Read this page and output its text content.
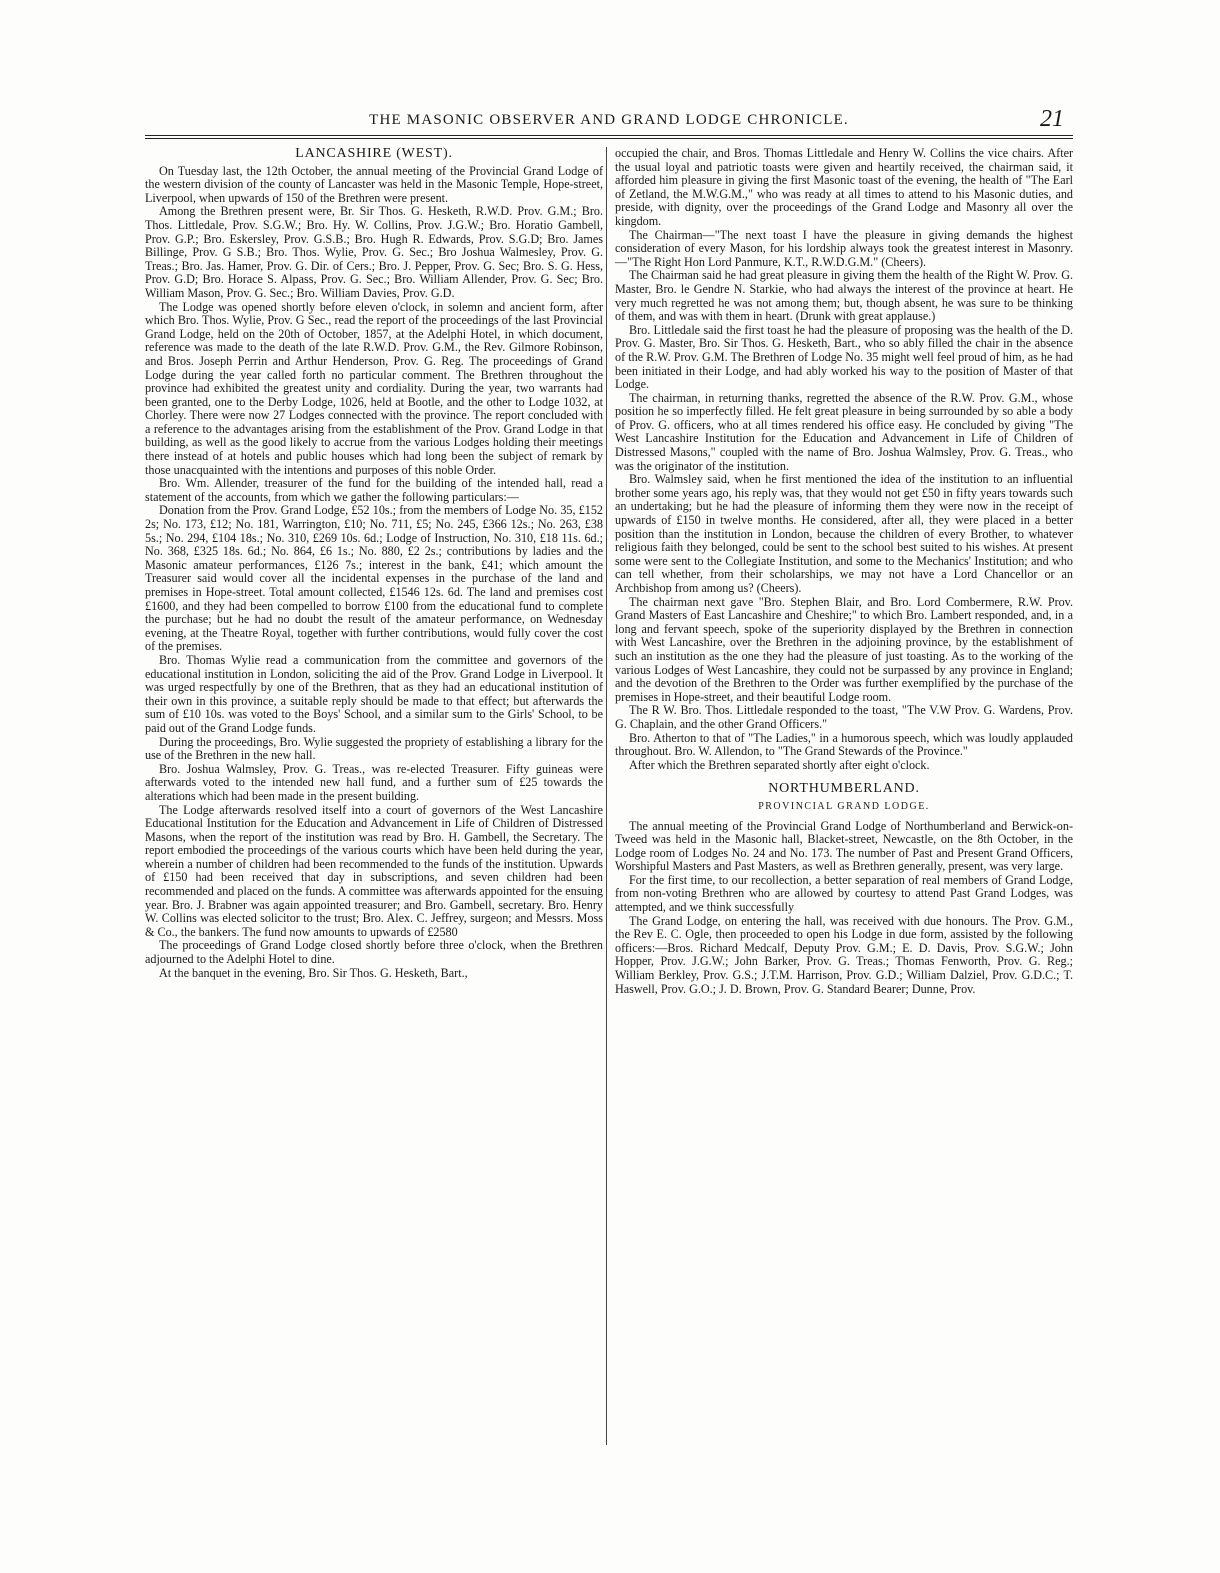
THE MASONIC OBSERVER AND GRAND LODGE CHRONICLE.	21
LANCASHIRE (WEST).

On Tuesday last, the 12th October, the annual meeting of the Provincial Grand Lodge of the western division of the county of Lancaster was held in the Masonic Temple, Hope-street, Liverpool, when upwards of 150 of the Brethren were present.

Among the Brethren present were, Br. Sir Thos. G. Hesketh, R.W.D. Prov. G.M.; Bro. Thos. Littledale, Prov. S.G.W.; Bro. Hy. W. Collins, Prov. J.G.W.; Bro. Horatio Gambell, Prov. G.P.; Bro. Eskersley, Prov. G.S.B.; Bro. Hugh R. Edwards, Prov. S.G.D; Bro. James Billinge, Prov. G S.B.; Bro. Thos. Wylie, Prov. G. Sec.; Bro Joshua Walmesley, Prov. G. Treas.; Bro. Jas. Hamer, Prov. G. Dir. of Cers.; Bro. J. Pepper, Prov. G. Sec; Bro. S. G. Hess, Prov. G.D; Bro. Horace S. Alpass, Prov. G. Sec.; Bro. William Allender, Prov. G. Sec; Bro. William Mason, Prov. G. Sec.; Bro. William Davies, Prov. G.D.

The Lodge was opened shortly before eleven o'clock, in solemn and ancient form, after which Bro. Thos. Wylie, Prov. G Sec., read the report of the proceedings of the last Provincial Grand Lodge, held on the 20th of October, 1857, at the Adelphi Hotel, in which document, reference was made to the death of the late R.W.D. Prov. G.M., the Rev. Gilmore Robinson, and Bros. Joseph Perrin and Arthur Henderson, Prov. G. Reg. The proceedings of Grand Lodge during the year called forth no particular comment. The Brethren throughout the province had exhibited the greatest unity and cordiality. During the year, two warrants had been granted, one to the Derby Lodge, 1026, held at Bootle, and the other to Lodge 1032, at Chorley. There were now 27 Lodges connected with the province. The report concluded with a reference to the advantages arising from the establishment of the Prov. Grand Lodge in that building, as well as the good likely to accrue from the various Lodges holding their meetings there instead of at hotels and public houses which had long been the subject of remark by those unacquainted with the intentions and purposes of this noble Order.

Bro. Wm. Allender, treasurer of the fund for the building of the intended hall, read a statement of the accounts, from which we gather the following particulars:—

Donation from the Prov. Grand Lodge, £52 10s.; from the members of Lodge No. 35, £152 2s; No. 173, £12; No. 181, Warrington, £10; No. 711, £5; No. 245, £366 12s.; No. 263, £38 5s.; No. 294, £104 18s.; No. 310, £269 10s. 6d.; Lodge of Instruction, No. 310, £18 11s. 6d.; No. 368, £325 18s. 6d.; No. 864, £6 1s.; No. 880, £2 2s.; contributions by ladies and the Masonic amateur performances, £126 7s.; interest in the bank, £41; which amount the Treasurer said would cover all the incidental expenses in the purchase of the land and premises in Hope-street. Total amount collected, £1546 12s. 6d. The land and premises cost £1600, and they had been compelled to borrow £100 from the educational fund to complete the purchase; but he had no doubt the result of the amateur performance, on Wednesday evening, at the Theatre Royal, together with further contributions, would fully cover the cost of the premises.

Bro. Thomas Wylie read a communication from the committee and governors of the educational institution in London, soliciting the aid of the Prov. Grand Lodge in Liverpool. It was urged respectfully by one of the Brethren, that as they had an educational institution of their own in this province, a suitable reply should be made to that effect; but afterwards the sum of £10 10s. was voted to the Boys' School, and a similar sum to the Girls' School, to be paid out of the Grand Lodge funds.

During the proceedings, Bro. Wylie suggested the propriety of establishing a library for the use of the Brethren in the new hall.

Bro. Joshua Walmsley, Prov. G. Treas., was re-elected Treasurer. Fifty guineas were afterwards voted to the intended new hall fund, and a further sum of £25 towards the alterations which had been made in the present building.

The Lodge afterwards resolved itself into a court of governors of the West Lancashire Educational Institution for the Education and Advancement in Life of Children of Distressed Masons, when the report of the institution was read by Bro. H. Gambell, the Secretary. The report embodied the proceedings of the various courts which have been held during the year, wherein a number of children had been recommended to the funds of the institution. Upwards of £150 had been received that day in subscriptions, and seven children had been recommended and placed on the funds. A committee was afterwards appointed for the ensuing year. Bro. J. Brabner was again appointed treasurer; and Bro. Gambell, secretary. Bro. Henry W. Collins was elected solicitor to the trust; Bro. Alex. C. Jeffrey, surgeon; and Messrs. Moss & Co., the bankers. The fund now amounts to upwards of £2580

The proceedings of Grand Lodge closed shortly before three o'clock, when the Brethren adjourned to the Adelphi Hotel to dine.

At the banquet in the evening, Bro. Sir Thos. G. Hesketh, Bart.,

occupied the chair, and Bros. Thomas Littledale and Henry W. Collins the vice chairs. After the usual loyal and patriotic toasts were given and heartily received, the chairman said, it afforded him pleasure in giving the first Masonic toast of the evening, the health of "The Earl of Zetland, the M.W.G.M.," who was ready at all times to attend to his Masonic duties, and preside, with dignity, over the proceedings of the Grand Lodge and Masonry all over the kingdom.

The Chairman—"The next toast I have the pleasure in giving demands the highest consideration of every Mason, for his lordship always took the greatest interest in Masonry.—"The Right Hon Lord Panmure, K.T., R.W.D.G.M." (Cheers).

The Chairman said he had great pleasure in giving them the health of the Right W. Prov. G. Master, Bro. le Gendre N. Starkie, who had always the interest of the province at heart. He very much regretted he was not among them; but, though absent, he was sure to be thinking of them, and was with them in heart. (Drunk with great applause.)

Bro. Littledale said the first toast he had the pleasure of proposing was the health of the D. Prov. G. Master, Bro. Sir Thos. G. Hesketh, Bart., who so ably filled the chair in the absence of the R.W. Prov. G.M. The Brethren of Lodge No. 35 might well feel proud of him, as he had been initiated in their Lodge, and had ably worked his way to the position of Master of that Lodge.

The chairman, in returning thanks, regretted the absence of the R.W. Prov. G.M., whose position he so imperfectly filled. He felt great pleasure in being surrounded by so able a body of Prov. G. officers, who at all times rendered his office easy. He concluded by giving "The West Lancashire Institution for the Education and Advancement in Life of Children of Distressed Masons," coupled with the name of Bro. Joshua Walmsley, Prov. G. Treas., who was the originator of the institution.

Bro. Walmsley said, when he first mentioned the idea of the institution to an influential brother some years ago, his reply was, that they would not get £50 in fifty years towards such an undertaking; but he had the pleasure of informing them they were now in the receipt of upwards of £150 in twelve months. He considered, after all, they were placed in a better position than the institution in London, because the children of every Brother, to whatever religious faith they belonged, could be sent to the school best suited to his wishes. At present some were sent to the Collegiate Institution, and some to the Mechanics' Institution; and who can tell whether, from their scholarships, we may not have a Lord Chancellor or an Archbishop from among us? (Cheers).

The chairman next gave "Bro. Stephen Blair, and Bro. Lord Combermere, R.W. Prov. Grand Masters of East Lancashire and Cheshire;" to which Bro. Lambert responded, and, in a long and fervant speech, spoke of the superiority displayed by the Brethren in connection with West Lancashire, over the Brethren in the adjoining province, by the establishment of such an institution as the one they had the pleasure of just toasting. As to the working of the various Lodges of West Lancashire, they could not be surpassed by any province in England; and the devotion of the Brethren to the Order was further exemplified by the purchase of the premises in Hope-street, and their beautiful Lodge room.

The R W. Bro. Thos. Littledale responded to the toast, "The V.W Prov. G. Wardens, Prov. G. Chaplain, and the other Grand Officers."

Bro. Atherton to that of "The Ladies," in a humorous speech, which was loudly applauded throughout. Bro. W. Allendon, to "The Grand Stewards of the Province."

After which the Brethren separated shortly after eight o'clock.

NORTHUMBERLAND.
PROVINCIAL GRAND LODGE.

The annual meeting of the Provincial Grand Lodge of Northumberland and Berwick-on-Tweed was held in the Masonic hall, Blacket-street, Newcastle, on the 8th October, in the Lodge room of Lodges No. 24 and No. 173. The number of Past and Present Grand Officers, Worshipful Masters and Past Masters, as well as Brethren generally, present, was very large.

For the first time, to our recollection, a better separation of real members of Grand Lodge, from non-voting Brethren who are allowed by courtesy to attend Past Grand Lodges, was attempted, and we think successfully

The Grand Lodge, on entering the hall, was received with due honours. The Prov. G.M., the Rev E. C. Ogle, then proceeded to open his Lodge in due form, assisted by the following officers:—Bros. Richard Medcalf, Deputy Prov. G.M.; E. D. Davis, Prov. S.G.W.; John Hopper, Prov. J.G.W.; John Barker, Prov. G. Treas.; Thomas Fenworth, Prov. G. Reg.; William Berkley, Prov. G.S.; J.T.M. Harrison, Prov. G.D.; William Dalziel, Prov. G.D.C.; T. Haswell, Prov. G.O.; J. D. Brown, Prov. G. Standard Bearer; Dunne, Prov.
